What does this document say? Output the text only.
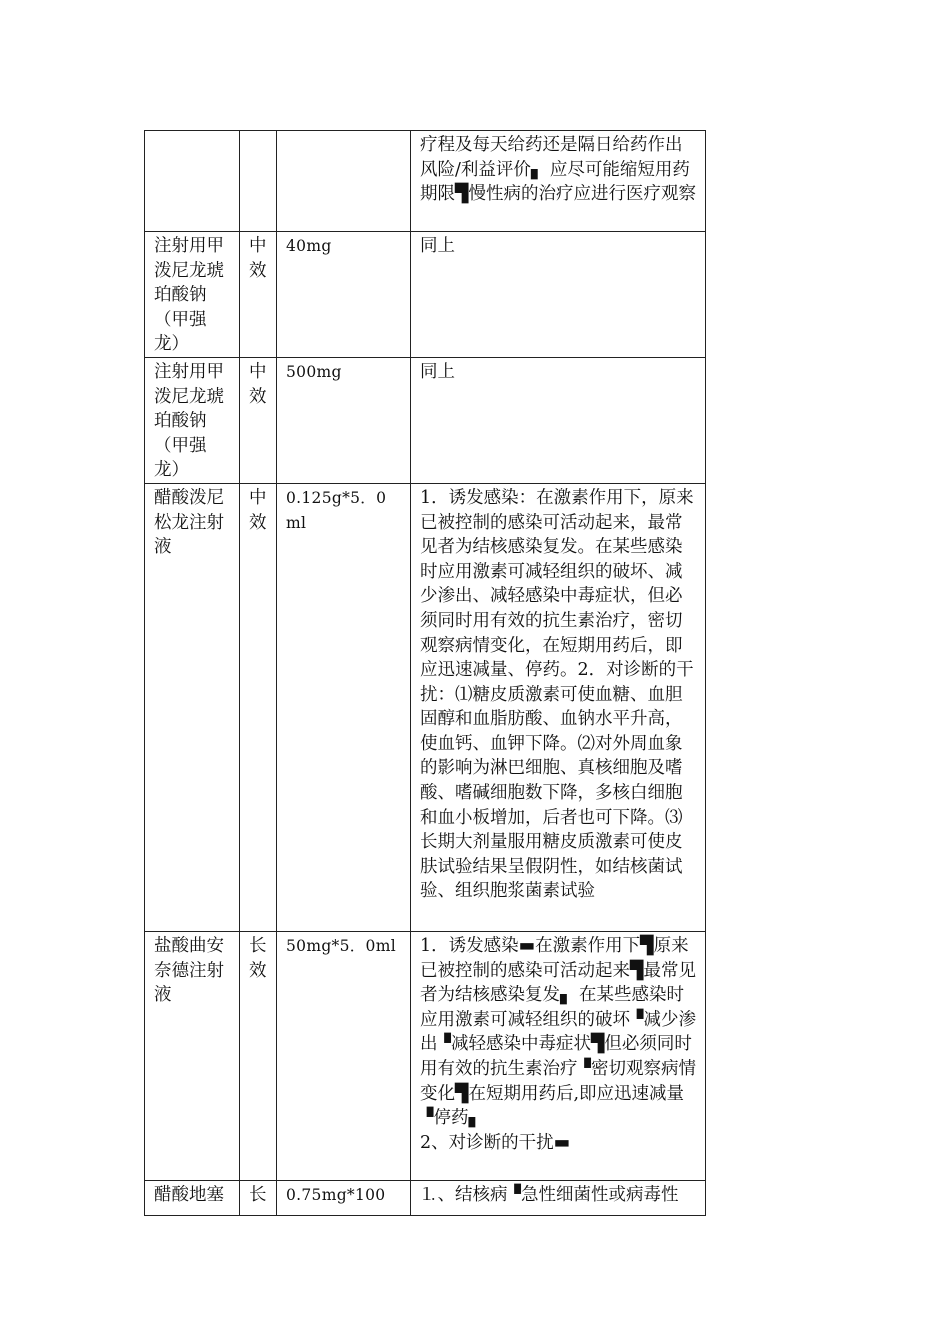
			疗程及每天给药还是隔日给药作出风险/利益评价▖ 应尽可能缩短用药期限▜慢性病的治疗应进行医疗观察
注射用甲泼尼龙琥珀酸钠（甲强龙）	中效	40mg	同上
注射用甲泼尼龙琥珀酸钠（甲强龙）	中效	500mg	同上
醋酸泼尼松龙注射液	中效	0.125g*5．0ml	1．诱发感染：在激素作用下，原来已被控制的感染可活动起来，最常见者为结核感染复发。在某些感染时应用激素可减轻组织的破坏、减少渗出、减轻感染中毒症状，但必须同时用有效的抗生素治疗，密切观察病情变化，在短期用药后，即应迅速减量、停药。2．对诊断的干扰：⑴糖皮质激素可使血糖、血胆固醇和血脂肪酸、血钠水平升高，使血钙、血钾下降。⑵对外周血象的影响为淋巴细胞、真核细胞及嗜酸、嗜碱细胞数下降，多核白细胞和血小板增加，后者也可下降。⑶长期大剂量服用糖皮质激素可使皮肤试验结果呈假阴性，如结核菌试验、组织胞浆菌素试验
盐酸曲安奈德注射液	长效	50mg*5．0ml	1．诱发感染▬在激素作用下▜原来已被控制的感染可活动起来▜最常见者为结核感染复发▖ 在某些感染时应用激素可减轻组织的破坏▝减少渗出▝减轻感染中毒症状▜但必须同时用有效的抗生素治疗▝密切观察病情变化▜在短期用药后,即应迅速减量▝停药▖
2、对诊断的干扰▬
醋酸地塞	长	0.75mg*100	⒈、结核病▝急性细菌性或病毒性
